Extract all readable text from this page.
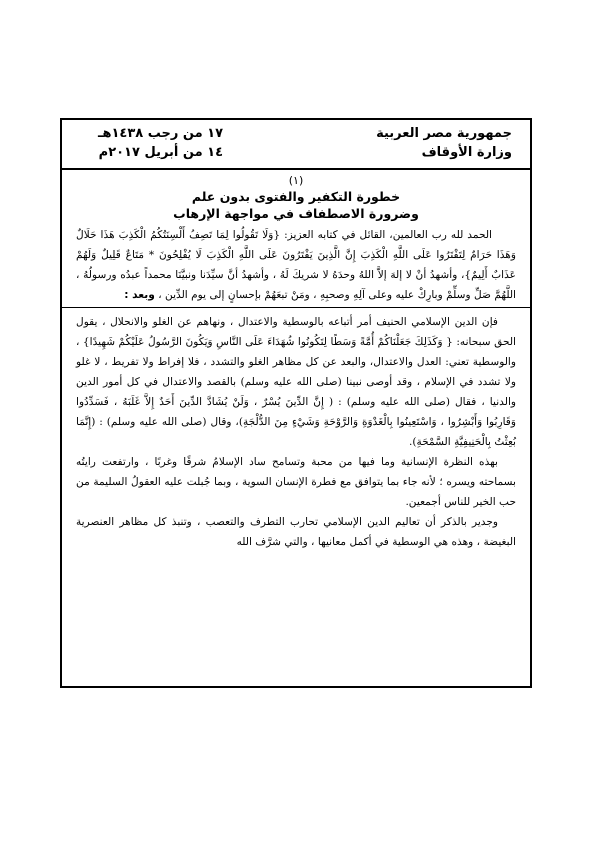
جمهورية مصر العربية
وزارة الأوقاف
١٧ من رجب ١٤٣٨هـ
١٤ من أبريل ٢٠١٧م
(١)
خطورة التكفير والفتوى بدون علم
وضرورة الاصطفاف في مواجهة الإرهاب

الحمد لله رب العالمين، القائل في كتابه العزيز: {وَلَا تَقُولُوا لِمَا تَصِفُ أَلْسِنَتُكُمُ الْكَذِبَ هَذَا حَلَالٌ وَهَذَا حَرَامٌ لِتَفْتَرُوا عَلَى اللَّهِ الْكَذِبَ إِنَّ الَّذِينَ يَفْتَرُونَ عَلَى اللَّهِ الْكَذِبَ لَا يُفْلِحُونَ * مَتَاعٌ قَلِيلٌ وَلَهُمْ عَذَابٌ أَلِيمٌ}، وأشهدُ أنْ لا إلهَ إلاَّ اللهُ وحدَهُ لا شريكَ لَهُ ، وأشهدُ أنَّ سيِّدَنا ونبيَّنَا محمداً عبدُه ورسولُهُ ، اللَّهُمَّ صَلِّ وسلِّمْ وبارِكْ عليه وعلى آلِهِ وصحبِهِ ، ومَنْ تبعَهُمْ بإحسانٍ إلى يوم الدِّين ، وبعد :

فإن الدين الإسلامي الحنيف أمر أتباعه بالوسطية والاعتدال ، ونهاهم عن الغلو والانحلال ، يقول الحق سبحانه: { وَكَذَلِكَ جَعَلْنَاكُمْ أُمَّةً وَسَطًا لِتَكُونُوا شُهَدَاءَ عَلَى النَّاسِ وَيَكُونَ الرَّسُولُ عَلَيْكُمْ شَهِيدًا} ، والوسطية تعني: العدل والاعتدال، والبعد عن كل مظاهر الغلو والتشدد ، فلا إفراط ولا تفريط ، لا غلو ولا تشدد في الإسلام ، وقد أوصى نبينا (صلى الله عليه وسلم) بالقصد والاعتدال في كل أمور الدين والدنيا ، فقال (صلى الله عليه وسلم) : ( إِنَّ الدِّينَ يُسْرٌ ، وَلَنْ يُشَادَّ الدِّينَ أَحَدٌ إِلاَّ غَلَبَهُ ، فَسَدِّدُوا وَقَارِبُوا وَأَبْشِرُوا ، وَاسْتَعِينُوا بِالْغَدْوَةِ وَالرَّوْحَةِ وَشَيْءٍ مِنَ الدُّلْجَةِ)، وقال (صلى الله عليه وسلم) : (إِنَّمَا بُعِثْتُ بِالْحَنِيفِيَّةِ السَّمْحَةِ).

بهذه النظرة الإنسانية وما فيها من محبة وتسامح ساد الإسلامُ شرقًا وغربًا ، وارتفعت رايتُه بسماحته ويسره ؛ لأنه جاء بما يتوافق مع فطرة الإنسان السوية ، وبما جُبلت عليه العقولُ السليمة من حب الخير للناس أجمعين.

وجدير بالذكر أن تعاليم الدين الإسلامي تحارب التطرف والتعصب ، وتنبذ كل مظاهر العنصرية البغيضة ، وهذه هي الوسطية في أكمل معانيها ، والتي شرَّف الله
